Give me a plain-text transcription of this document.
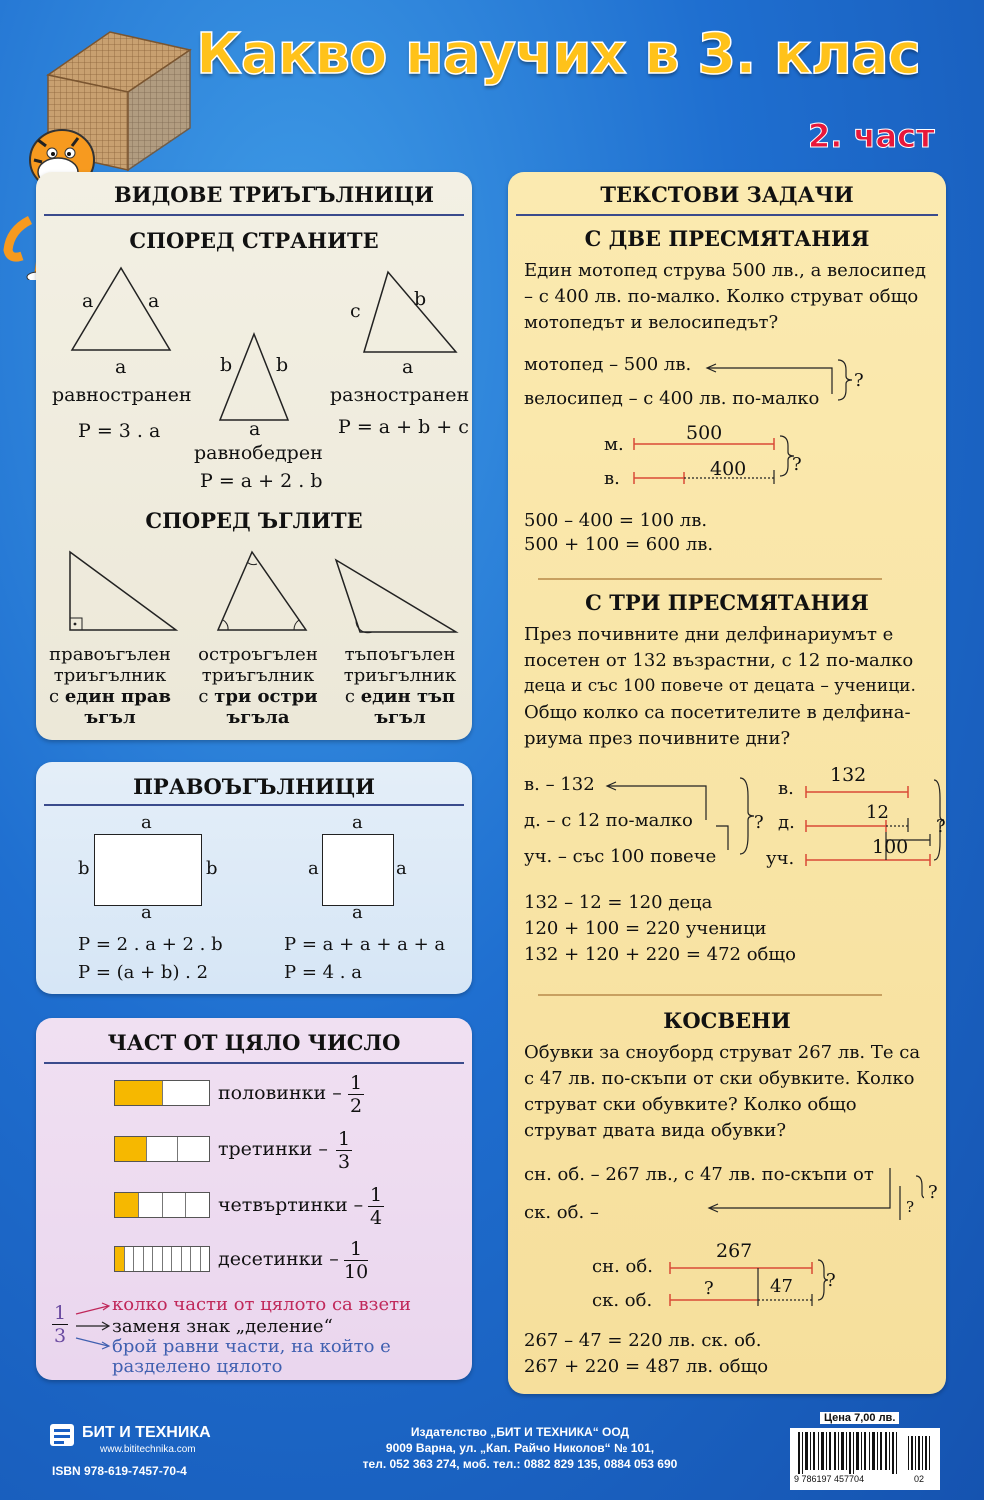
Какво научих в 3. клас
2. част
ВИДОВЕ ТРИЪГЪЛНИЦИ
СПОРЕД СТРАНИТЕ
a	a
a
равностранен
P = 3 . a
b b
a
равнобедрен
P = a + 2 . b
c
b
a
разностранен
P = a + b + c
СПОРЕД ЪГЛИТЕ
правоъгълен
триъгълник
с един прав
ъгъл
остроъгълен
триъгълник
с три остри
ъгъла
тъпоъгълен
триъгълник
с един тъп
ъгъл
ПРАВОЪГЪЛНИЦИ
a
a
b	b
P = 2 . a + 2 . b
P = (a + b) . 2
a
a
a	a
P = a + a + a + a
P = 4 . a
ЧАСТ ОТ ЦЯЛО ЧИСЛО
половинки – $\frac{1}{2}$
третинки – $\frac{1}{3}$
четвъртинки – $\frac{1}{4}$
десетинки – $\frac{1}{10}$
$\frac{1}{3}$ колко части от цялото са взети
заменя знак „деление“
брой равни части, на който е
разделено цялото
ТЕКСТОВИ ЗАДАЧИ
С ДВЕ ПРЕСМЯТАНИЯ
Един мотопед струва 500 лв., а велосипед
– с 400 лв. по-малко. Колко струват общо
мотопедът и велосипедът?
мотопед – 500 лв.
велосипед – с 400 лв. по-малко
?
м.
в.
500
400	?
500 – 400 = 100 лв.
500 + 100 = 600 лв.
С ТРИ ПРЕСМЯТАНИЯ
През почивните дни делфинариумът е
посетен от 132 възрастни, с 12 по-малко
деца и със 100 повече от децата – ученици.
Общо колко са посетителите в делфина-
риума през почивните дни?
в. – 132
д. – с 12 по-малко
уч. – със 100 повече
?
в.
д.
уч.
132
12
100
?
132 – 12 = 120 деца
120 + 100 = 220 ученици
132 + 120 + 220 = 472 общо
КОСВЕНИ
Обувки за сноуборд струват 267 лв. Те са
с 47 лв. по-скъпи от ски обувките. Колко
струват ски обувките? Колко общо
струват двата вида обувки?
сн. об. – 267 лв., с 47 лв. по-скъпи от
ск. об. –	?
?
сн. об.
ск. об.
267
?	47 ?
267 – 47 = 220 лв. ск. об.
267 + 220 = 487 лв. общо
БИТ И ТЕХНИКА
www.bititechnika.com
ISBN 978-619-7457-70-4
Издателство „БИТ И ТЕХНИКА“ ООД
9009 Варна, ул. „Кап. Райчо Николов“ № 101,
тел. 052 363 274, моб. тел.: 0882 829 135, 0884 053 690
Цена 7,00 лв.
9 786197 457704	02
